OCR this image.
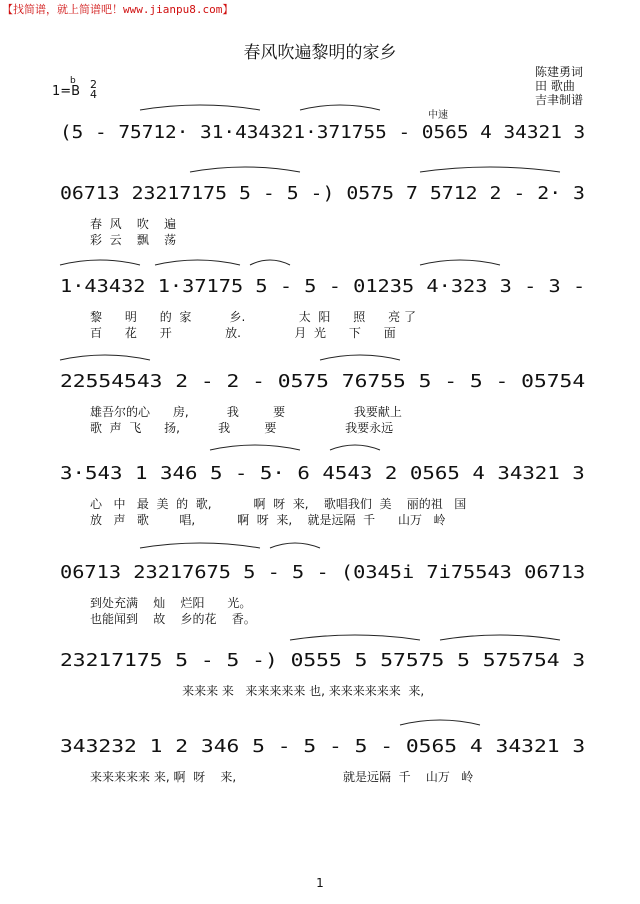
【找简谱，就上简谱吧！www.jianpu8.com】
春风吹遍黎明的家乡
陈建勇词
田 歌曲
吉聿制谱
1=B
b 2
4
中速
(5 - 75712· 31·434321·371755 - 0565 4 34321 3
06713 23217175 5 - 5 -) 0575 7 5712 2 - 2· 3
春  风    吹    遍
彩  云    飘    荡
1·43432 1·37175 5 - 5 - 01235 4·323 3 - 3 -
黎      明      的  家          乡.              太  阳      照      亮 了
百      花      开              放.              月  光      下      面
22554543 2 - 2 - 0575 76755 5 - 5 - 05754
雄吾尔的心      房,          我         要                  我要献上
歌  声  飞      扬,          我         要                  我要永远
3·543 1 346 5 - 5· 6 4543 2 0565 4 34321 3
心   中   最  美  的  歌,           啊  呀  来,    歌唱我们  美    丽的祖   国
放   声   歌        唱,           啊  呀  来,    就是远隔  千      山万   岭
06713 23217675 5 - 5 - (0345i 7i75543 06713
到处充满    灿    烂阳      光。
也能闻到    故    乡的花    香。
23217175 5 - 5 -) 0555 5 57575 5 575754 3
来来来 来   来来来来来 也, 来来来来来来  来,
343232 1 2 346 5 - 5 - 5 - 0565 4 34321 3
来来来来来 来, 啊  呀    来,                            就是远隔  千    山万   岭
1
